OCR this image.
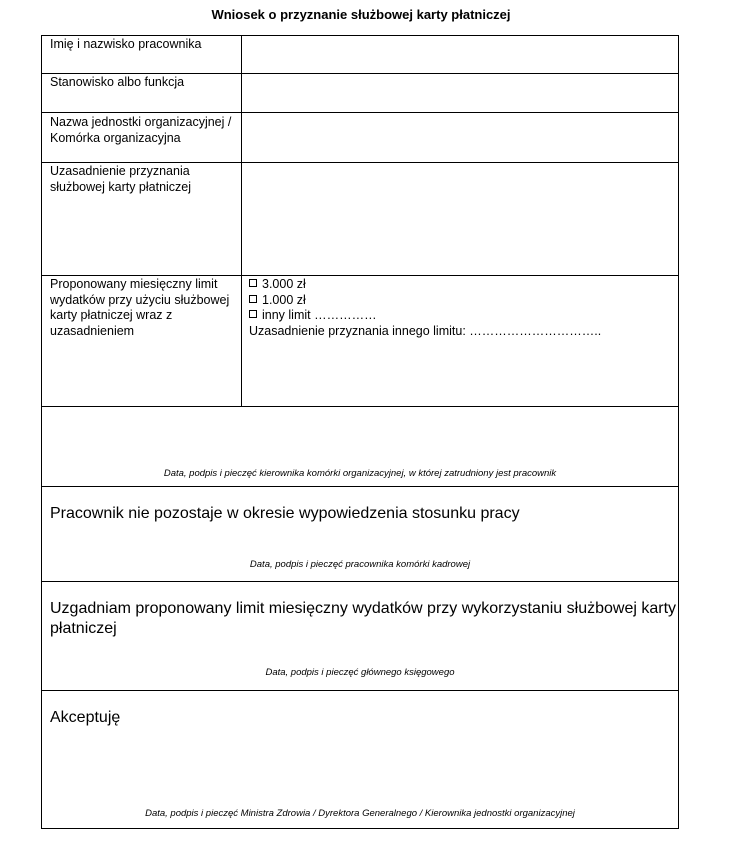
Wniosek o przyznanie służbowej karty płatniczej
Imię i nazwisko pracownika
Stanowisko albo funkcja
Nazwa jednostki organizacyjnej / Komórka organizacyjna
Uzasadnienie przyznania służbowej karty płatniczej
Proponowany miesięczny limit wydatków przy użyciu służbowej karty płatniczej wraz z uzasadnieniem
3.000 zł
1.000 zł
inny limit ……………
Uzasadnienie przyznania innego limitu: …………………………..
Data, podpis i pieczęć kierownika komórki organizacyjnej, w której zatrudniony jest pracownik
Pracownik nie pozostaje w okresie wypowiedzenia stosunku pracy
Data, podpis i pieczęć pracownika komórki kadrowej
Uzgadniam proponowany limit miesięczny wydatków przy wykorzystaniu służbowej karty płatniczej
Data, podpis i pieczęć głównego księgowego
Akceptuję
Data, podpis i pieczęć Ministra Zdrowia / Dyrektora Generalnego / Kierownika jednostki organizacyjnej
